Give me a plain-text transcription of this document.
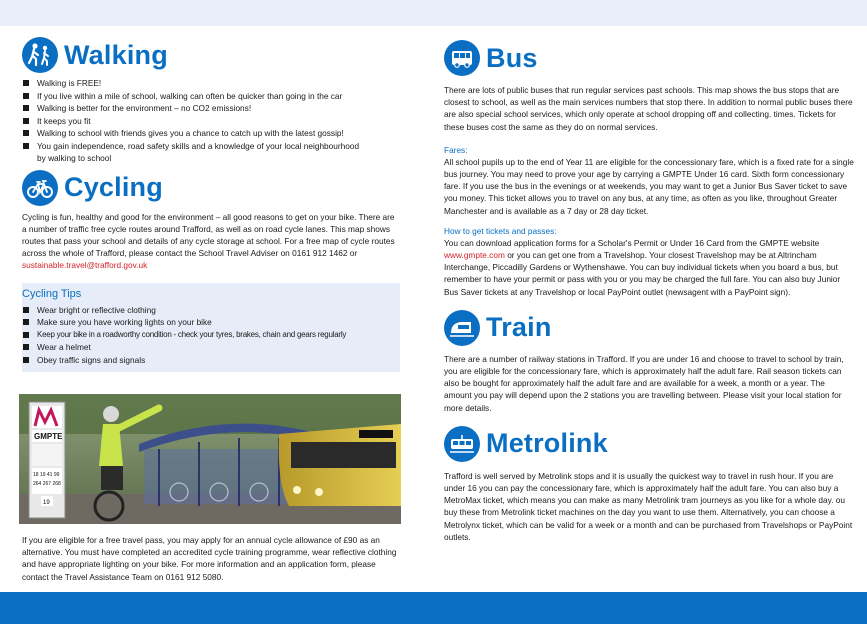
Walking
Walking is FREE!
If you live within a mile of school, walking can often be quicker than going in the car
Walking is better for the environment – no CO2 emissions!
It keeps you fit
Walking to school with friends gives you a chance to catch up with the latest gossip!
You gain independence, road safety skills and a knowledge of your local neighbourhood by walking to school
Cycling

Cycling is fun, healthy and good for the environment – all good reasons to get on your bike. There are a number of traffic free cycle routes around Trafford, as well as on road cycle lanes. This map shows routes that pass your school and details of any cycle storage at school. For a free map of cycle routes across the whole of Trafford, please contact the School Travel Adviser on 0161 912 1462 or sustainable.travel@trafford.gov.uk

Cycling Tips
Wear bright or reflective clothing
Make sure you have working lights on your bike
Keep your bike in a roadworthy condition - check your tyres, brakes, chain and gears regularly
Wear a helmet
Obey traffic signs and signals
GMPTE
18 19 41 99
264 267 268
19

If you are eligible for a free travel pass, you may apply for an annual cycle allowance of £90 as an alternative. You must have completed an accredited cycle training programme, wear reflective clothing and have appropriate lighting on your bike. For more information and an application form, please contact the Travel Assistance Team on 0161 912 5080.

Bus

There are lots of public buses that run regular services past schools. This map shows the bus stops that are closest to school, as well as the main services numbers that stop there. In addition to normal public buses there are also special school services, which only operate at school dropping off and collecting. times. Tickets for these buses cost the same as they do on normal services.

Fares:

All school pupils up to the end of Year 11 are eligible for the concessionary fare, which is a fixed rate for a single bus journey. You may need to prove your age by carrying a GMPTE Under 16 card. Sixth form concessionary fare. If you use the bus in the evenings or at weekends, you may want to get a Junior Bus Saver ticket to save you money. This ticket allows you to travel on any bus, at any time, as often as you like, throughout Greater Manchester and is available as a 7 day or 28 day ticket.

How to get tickets and passes:

You can download application forms for a Scholar's Permit or Under 16 Card from the GMPTE website www.gmpte.com or you can get one from a Travelshop. Your closest Travelshop may be at Altrincham Interchange, Piccadilly Gardens or Wythenshawe. You can buy individual tickets when you board a bus, but remember to have your permit or pass with you or you may be charged the full fare. You can also buy Junior Bus Saver tickets at any Travelshop or local PayPoint outlet (newsagent with a PayPoint sign).

Train

There are a number of railway stations in Trafford. If you are under 16 and choose to travel to school by train, you are eligible for the concessionary fare, which is approximately half the adult fare. Rail season tickets can also be bought for approximately half the adult fare and are available for a week, a month or a year. The amount you pay will depend upon the 2 stations you are travelling between. Please visit your local station for more details.

Metrolink

Trafford is well served by Metrolink stops and it is usually the quickest way to travel in rush hour. If you are under 16 you can pay the concessionary fare, which is approximately half the adult fare. You can also buy a MetroMax ticket, which means you can make as many Metrolink tram journeys as you like for a whole day. ou buy these from Metrolink ticket machines on the day you want to use them. Alternatively, you can choose a Metrolynx ticket, which can be valid for a week or a month and can be purchased from Travelshops or PayPoint outlets.
